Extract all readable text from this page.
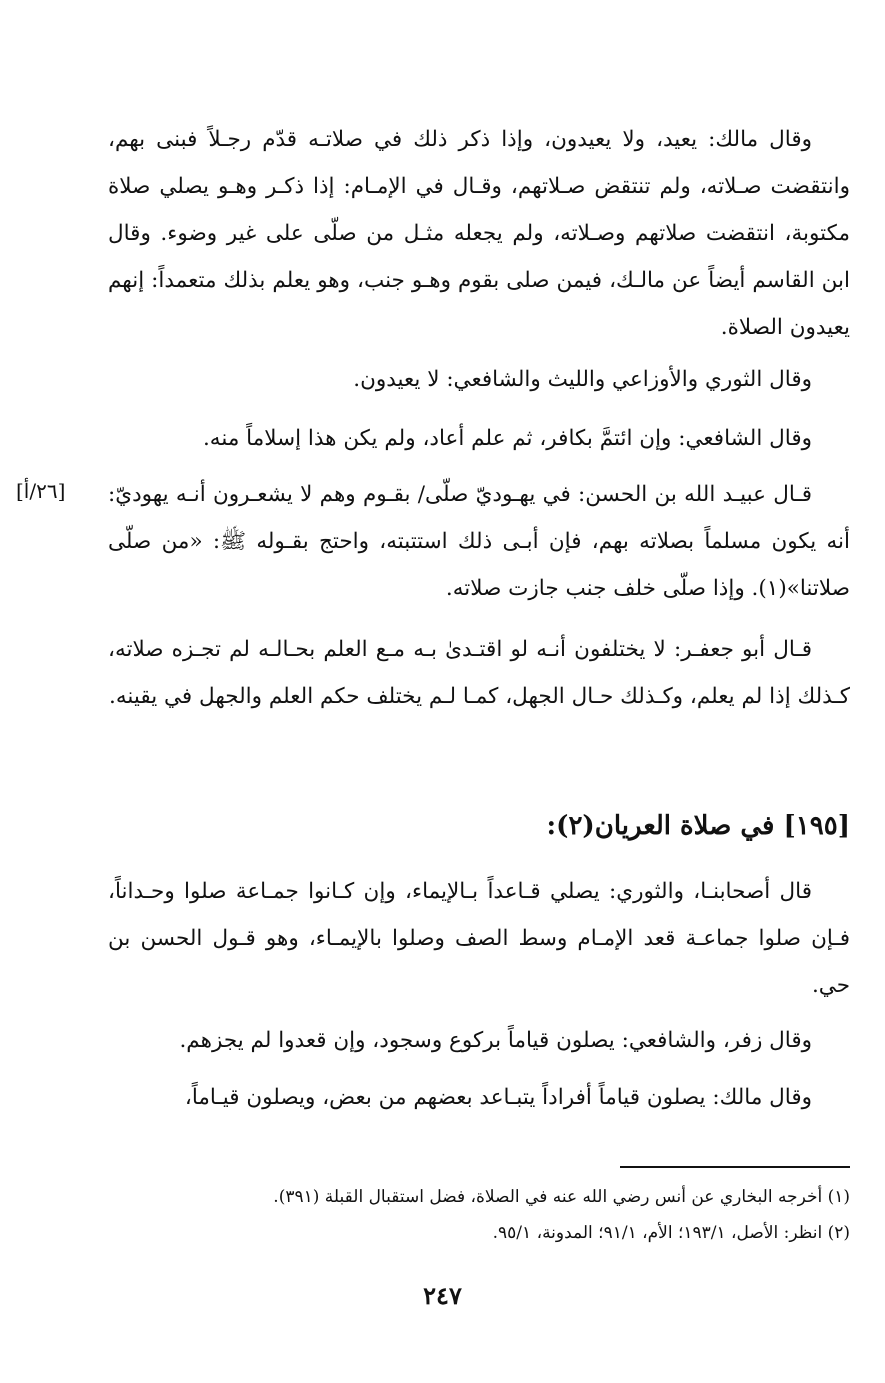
وقال مالك: يعيد، ولا يعيدون، وإذا ذكر ذلك في صلاتـه قدّم رجـلاً فبنى بهم، وانتقضت صـلاته، ولم تنتقض صـلاتهم، وقـال في الإمـام: إذا ذكـر وهـو يصلي صلاة مكتوبة، انتقضت صلاتهم وصـلاته، ولم يجعله مثـل من صلّى على غير وضوء. وقال ابن القاسم أيضاً عن مالـك، فيمن صلى بقوم وهـو جنب، وهو يعلم بذلك متعمداً: إنهم يعيدون الصلاة.

وقال الثوري والأوزاعي والليث والشافعي: لا يعيدون.

وقال الشافعي: وإن ائتمَّ بكافر، ثم علم أعاد، ولم يكن هذا إسلاماً منه.

[٢٦/أ]	قـال عبيـد الله بن الحسن: في يهـوديّ صلّى/ بقـوم وهم لا يشعـرون أنـه يهوديّ: أنه يكون مسلماً بصلاته بهم، فإن أبـى ذلك استتبته، واحتج بقـوله ﷺ: «من صلّى صلاتنا»(١). وإذا صلّى خلف جنب جازت صلاته.

قـال أبو جعفـر: لا يختلفون أنـه لو اقتـدىٰ بـه مـع العلم بحـالـه لم تجـزه صلاته، كـذلك إذا لم يعلم، وكـذلك حـال الجهل، كمـا لـم يختلف حكم العلم والجهل في يقينه.

[١٩٥] في صلاة العريان(٢):

قال أصحابنـا، والثوري: يصلي قـاعداً بـالإيماء، وإن كـانوا جمـاعة صلوا وحـداناً، فـإن صلوا جماعـة قعد الإمـام وسط الصف وصلوا بالإيمـاء، وهو قـول الحسن بن حي.

وقال زفر، والشافعي: يصلون قياماً بركوع وسجود، وإن قعدوا لم يجزهم.

وقال مالك: يصلون قياماً أفراداً يتبـاعد بعضهم من بعض، ويصلون قيـاماً،

(١) أخرجه البخاري عن أنس رضي الله عنه في الصلاة، فضل استقبال القبلة (٣٩١).
(٢) انظر: الأصل، ١٩٣/١؛ الأم، ٩١/١؛ المدونة، ٩٥/١.
٢٤٧
